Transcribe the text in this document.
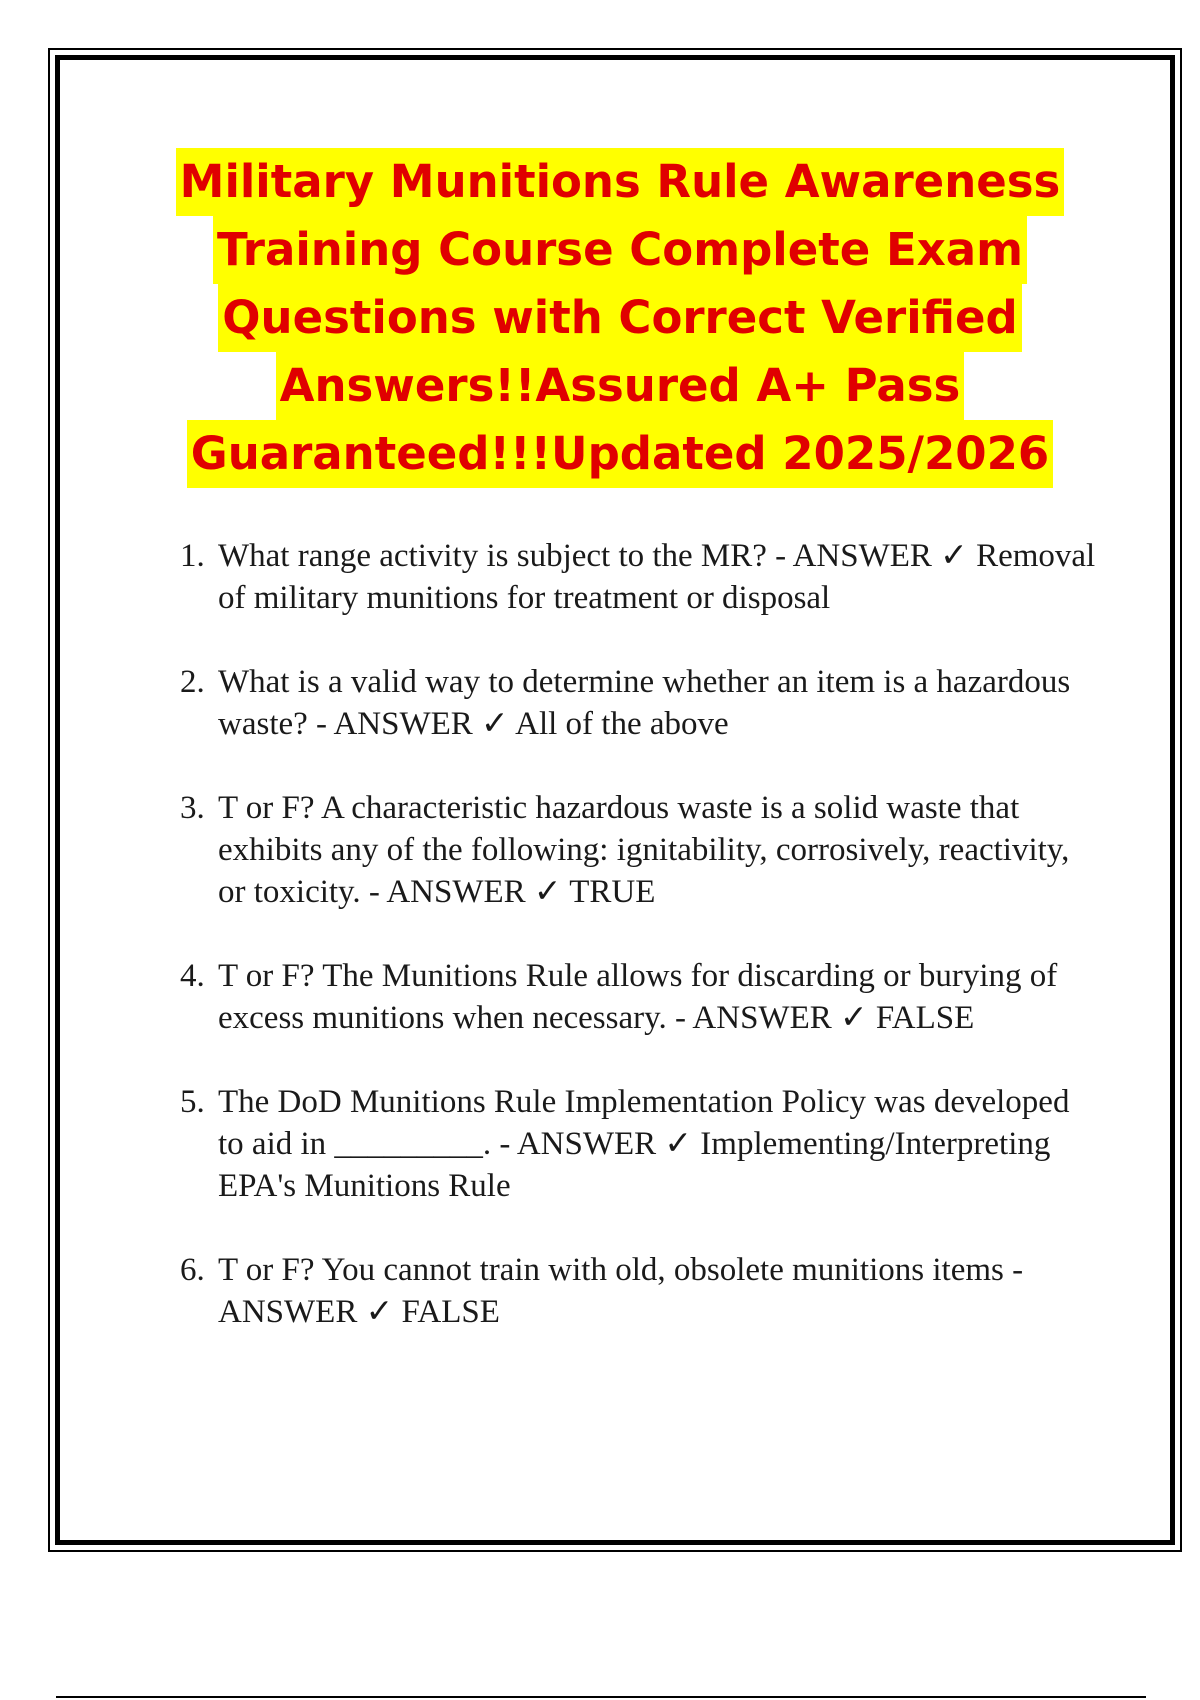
Military Munitions Rule Awareness
Training Course Complete Exam
Questions with Correct Verified
Answers!!Assured A+ Pass
Guaranteed!!!Updated 2025/2026
1. What range activity is subject to the MR? - ANSWER ✓ Removal of military munitions for treatment or disposal
2. What is a valid way to determine whether an item is a hazardous waste? - ANSWER ✓ All of the above
3. T or F? A characteristic hazardous waste is a solid waste that exhibits any of the following: ignitability, corrosively, reactivity, or toxicity. - ANSWER ✓ TRUE
4. T or F? The Munitions Rule allows for discarding or burying of excess munitions when necessary. - ANSWER ✓ FALSE
5. The DoD Munitions Rule Implementation Policy was developed to aid in _________. - ANSWER ✓ Implementing/Interpreting EPA's Munitions Rule
6. T or F? You cannot train with old, obsolete munitions items - ANSWER ✓ FALSE
